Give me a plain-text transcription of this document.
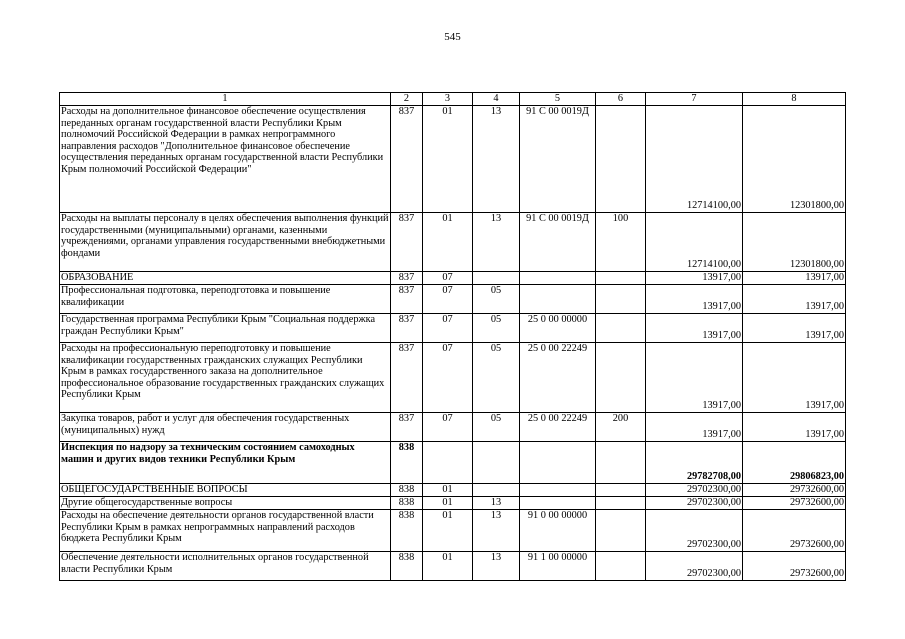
545
1	2	3	4	5	6	7	8
Расходы на дополнительное финансовое обеспечение осуществления переданных органам государственной власти Республики Крым полномочий Российской Федерации в рамках непрограммного направления расходов "Дополнительное финансовое обеспечение осуществления переданных органам государственной власти Республики Крым полномочий Российской Федерации"	837	01	13	91 С 00 0019Д		12714100,00	12301800,00
Расходы на выплаты персоналу в целях обеспечения выполнения функций государственными (муниципальными) органами, казенными учреждениями, органами управления государственными внебюджетными фондами	837	01	13	91 С 00 0019Д	100	12714100,00	12301800,00
ОБРАЗОВАНИЕ	837	07				13917,00	13917,00
Профессиональная подготовка, переподготовка и повышение квалификации	837	07	05			13917,00	13917,00
Государственная программа Республики Крым "Социальная поддержка граждан Республики Крым"	837	07	05	25 0 00 00000		13917,00	13917,00
Расходы на профессиональную переподготовку и повышение квалификации государственных гражданских служащих Республики Крым в рамках государственного заказа на дополнительное профессиональное образование государственных гражданских служащих Республики Крым	837	07	05	25 0 00 22249		13917,00	13917,00
Закупка товаров, работ и услуг для обеспечения государственных (муниципальных) нужд	837	07	05	25 0 00 22249	200	13917,00	13917,00
Инспекция по надзору за техническим состоянием самоходных машин и других видов техники Республики Крым	838					29782708,00	29806823,00
ОБЩЕГОСУДАРСТВЕННЫЕ ВОПРОСЫ	838	01				29702300,00	29732600,00
Другие общегосударственные вопросы	838	01	13			29702300,00	29732600,00
Расходы на обеспечение деятельности органов государственной власти Республики Крым в рамках непрограммных направлений расходов бюджета Республики Крым	838	01	13	91 0 00 00000		29702300,00	29732600,00
Обеспечение деятельности исполнительных органов государственной власти Республики Крым	838	01	13	91 1 00 00000		29702300,00	29732600,00
